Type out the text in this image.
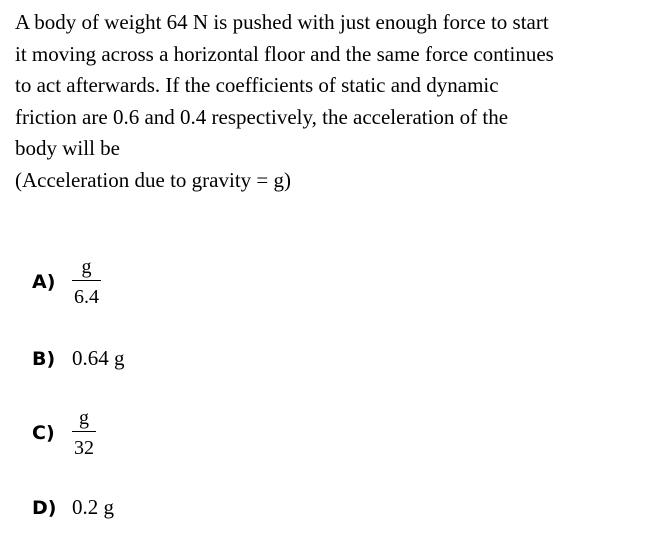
A body of weight 64 N is pushed with just enough force to start
it moving across a horizontal floor and the same force continues
to act afterwards. If the coefficients of static and dynamic
friction are 0.6 and 0.4 respectively, the acceleration of the
body will be
(Acceleration due to gravity = g)
$A) \frac{g}{6.4}$
B) 0.64 g
$C) \frac{g}{32}$
D) 0.2 g
